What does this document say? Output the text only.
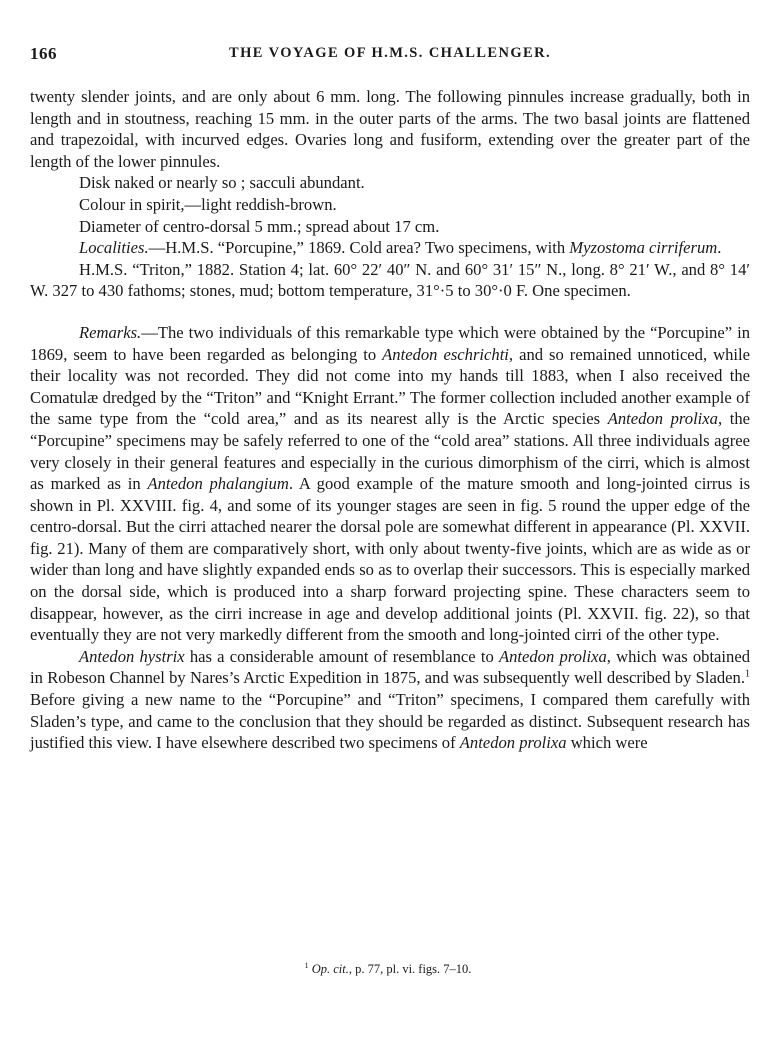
166	THE VOYAGE OF H.M.S. CHALLENGER.

twenty slender joints, and are only about 6 mm. long. The following pinnules increase gradually, both in length and in stoutness, reaching 15 mm. in the outer parts of the arms. The two basal joints are flattened and trapezoidal, with incurved edges. Ovaries long and fusiform, extending over the greater part of the length of the lower pinnules.

Disk naked or nearly so ; sacculi abundant.

Colour in spirit,—light reddish-brown.

Diameter of centro-dorsal 5 mm.; spread about 17 cm.

Localities.—H.M.S. “Porcupine,” 1869. Cold area? Two specimens, with Myzostoma cirriferum.

H.M.S. “Triton,” 1882. Station 4; lat. 60° 22′ 40″ N. and 60° 31′ 15″ N., long. 8° 21′ W., and 8° 14′ W. 327 to 430 fathoms; stones, mud; bottom temperature, 31°·5 to 30°·0 F. One specimen.

Remarks.—The two individuals of this remarkable type which were obtained by the “Porcupine” in 1869, seem to have been regarded as belonging to Antedon eschrichti, and so remained unnoticed, while their locality was not recorded. They did not come into my hands till 1883, when I also received the Comatulæ dredged by the “Triton” and “Knight Errant.” The former collection included another example of the same type from the “cold area,” and as its nearest ally is the Arctic species Antedon prolixa, the “Porcupine” specimens may be safely referred to one of the “cold area” stations. All three individuals agree very closely in their general features and especially in the curious dimorphism of the cirri, which is almost as marked as in Antedon phalangium. A good example of the mature smooth and long-jointed cirrus is shown in Pl. XXVIII. fig. 4, and some of its younger stages are seen in fig. 5 round the upper edge of the centro-dorsal. But the cirri attached nearer the dorsal pole are somewhat different in appearance (Pl. XXVII. fig. 21). Many of them are comparatively short, with only about twenty-five joints, which are as wide as or wider than long and have slightly expanded ends so as to overlap their successors. This is especially marked on the dorsal side, which is produced into a sharp forward projecting spine. These characters seem to disappear, however, as the cirri increase in age and develop additional joints (Pl. XXVII. fig. 22), so that eventually they are not very markedly different from the smooth and long-jointed cirri of the other type.

Antedon hystrix has a considerable amount of resemblance to Antedon prolixa, which was obtained in Robeson Channel by Nares’s Arctic Expedition in 1875, and was subsequently well described by Sladen.$^1$ Before giving a new name to the “Porcupine” and “Triton” specimens, I compared them carefully with Sladen’s type, and came to the conclusion that they should be regarded as distinct. Subsequent research has justified this view. I have elsewhere described two specimens of Antedon prolixa which were

$^1$ Op. cit., p. 77, pl. vi. figs. 7–10.
